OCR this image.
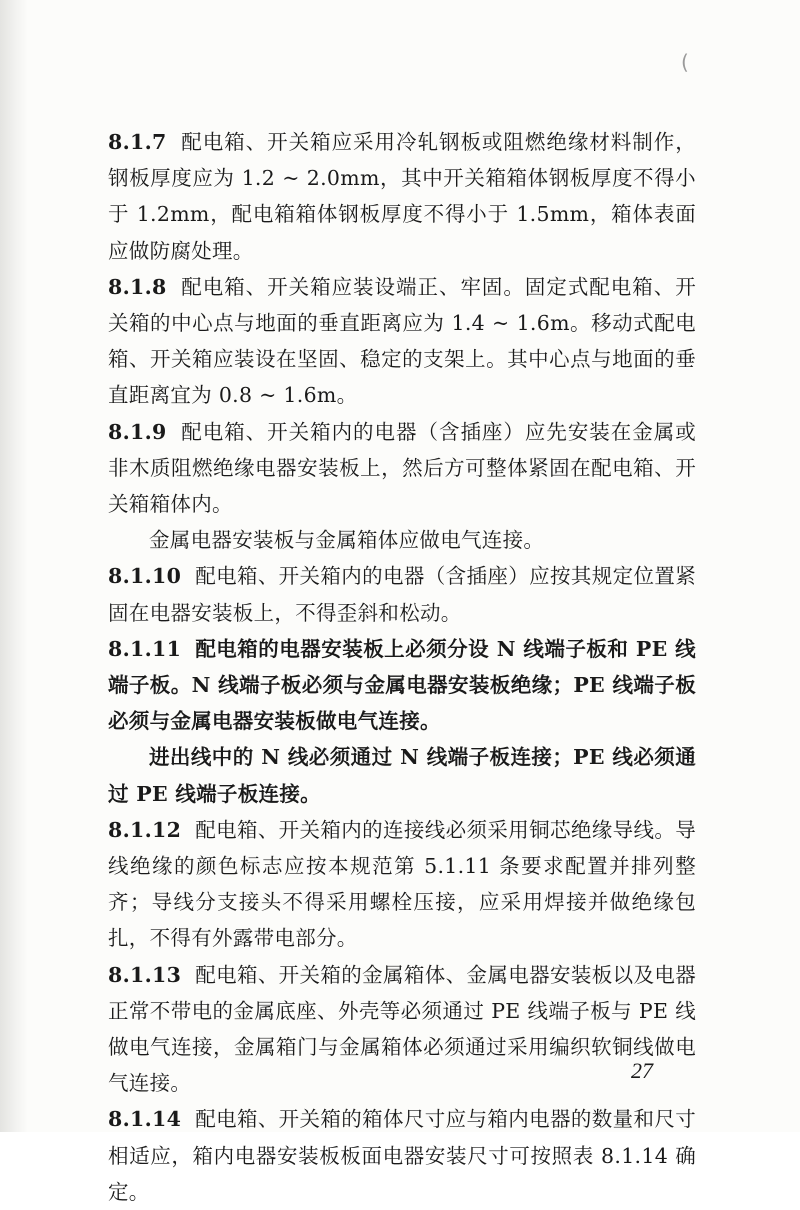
(

8.1.7 配电箱、开关箱应采用冷轧钢板或阻燃绝缘材料制作，钢板厚度应为 1.2 ~ 2.0mm，其中开关箱箱体钢板厚度不得小于 1.2mm，配电箱箱体钢板厚度不得小于 1.5mm，箱体表面应做防腐处理。

8.1.8 配电箱、开关箱应装设端正、牢固。固定式配电箱、开关箱的中心点与地面的垂直距离应为 1.4 ~ 1.6m。移动式配电箱、开关箱应装设在坚固、稳定的支架上。其中心点与地面的垂直距离宜为 0.8 ~ 1.6m。

8.1.9 配电箱、开关箱内的电器（含插座）应先安装在金属或非木质阻燃绝缘电器安装板上，然后方可整体紧固在配电箱、开关箱箱体内。

金属电器安装板与金属箱体应做电气连接。

8.1.10 配电箱、开关箱内的电器（含插座）应按其规定位置紧固在电器安装板上，不得歪斜和松动。

8.1.11 配电箱的电器安装板上必须分设 N 线端子板和 PE 线端子板。N 线端子板必须与金属电器安装板绝缘；PE 线端子板必须与金属电器安装板做电气连接。

进出线中的 N 线必须通过 N 线端子板连接；PE 线必须通过 PE 线端子板连接。

8.1.12 配电箱、开关箱内的连接线必须采用铜芯绝缘导线。导线绝缘的颜色标志应按本规范第 5.1.11 条要求配置并排列整齐；导线分支接头不得采用螺栓压接，应采用焊接并做绝缘包扎，不得有外露带电部分。

8.1.13 配电箱、开关箱的金属箱体、金属电器安装板以及电器正常不带电的金属底座、外壳等必须通过 PE 线端子板与 PE 线做电气连接，金属箱门与金属箱体必须通过采用编织软铜线做电气连接。

8.1.14 配电箱、开关箱的箱体尺寸应与箱内电器的数量和尺寸相适应，箱内电器安装板板面电器安装尺寸可按照表 8.1.14 确定。

27
